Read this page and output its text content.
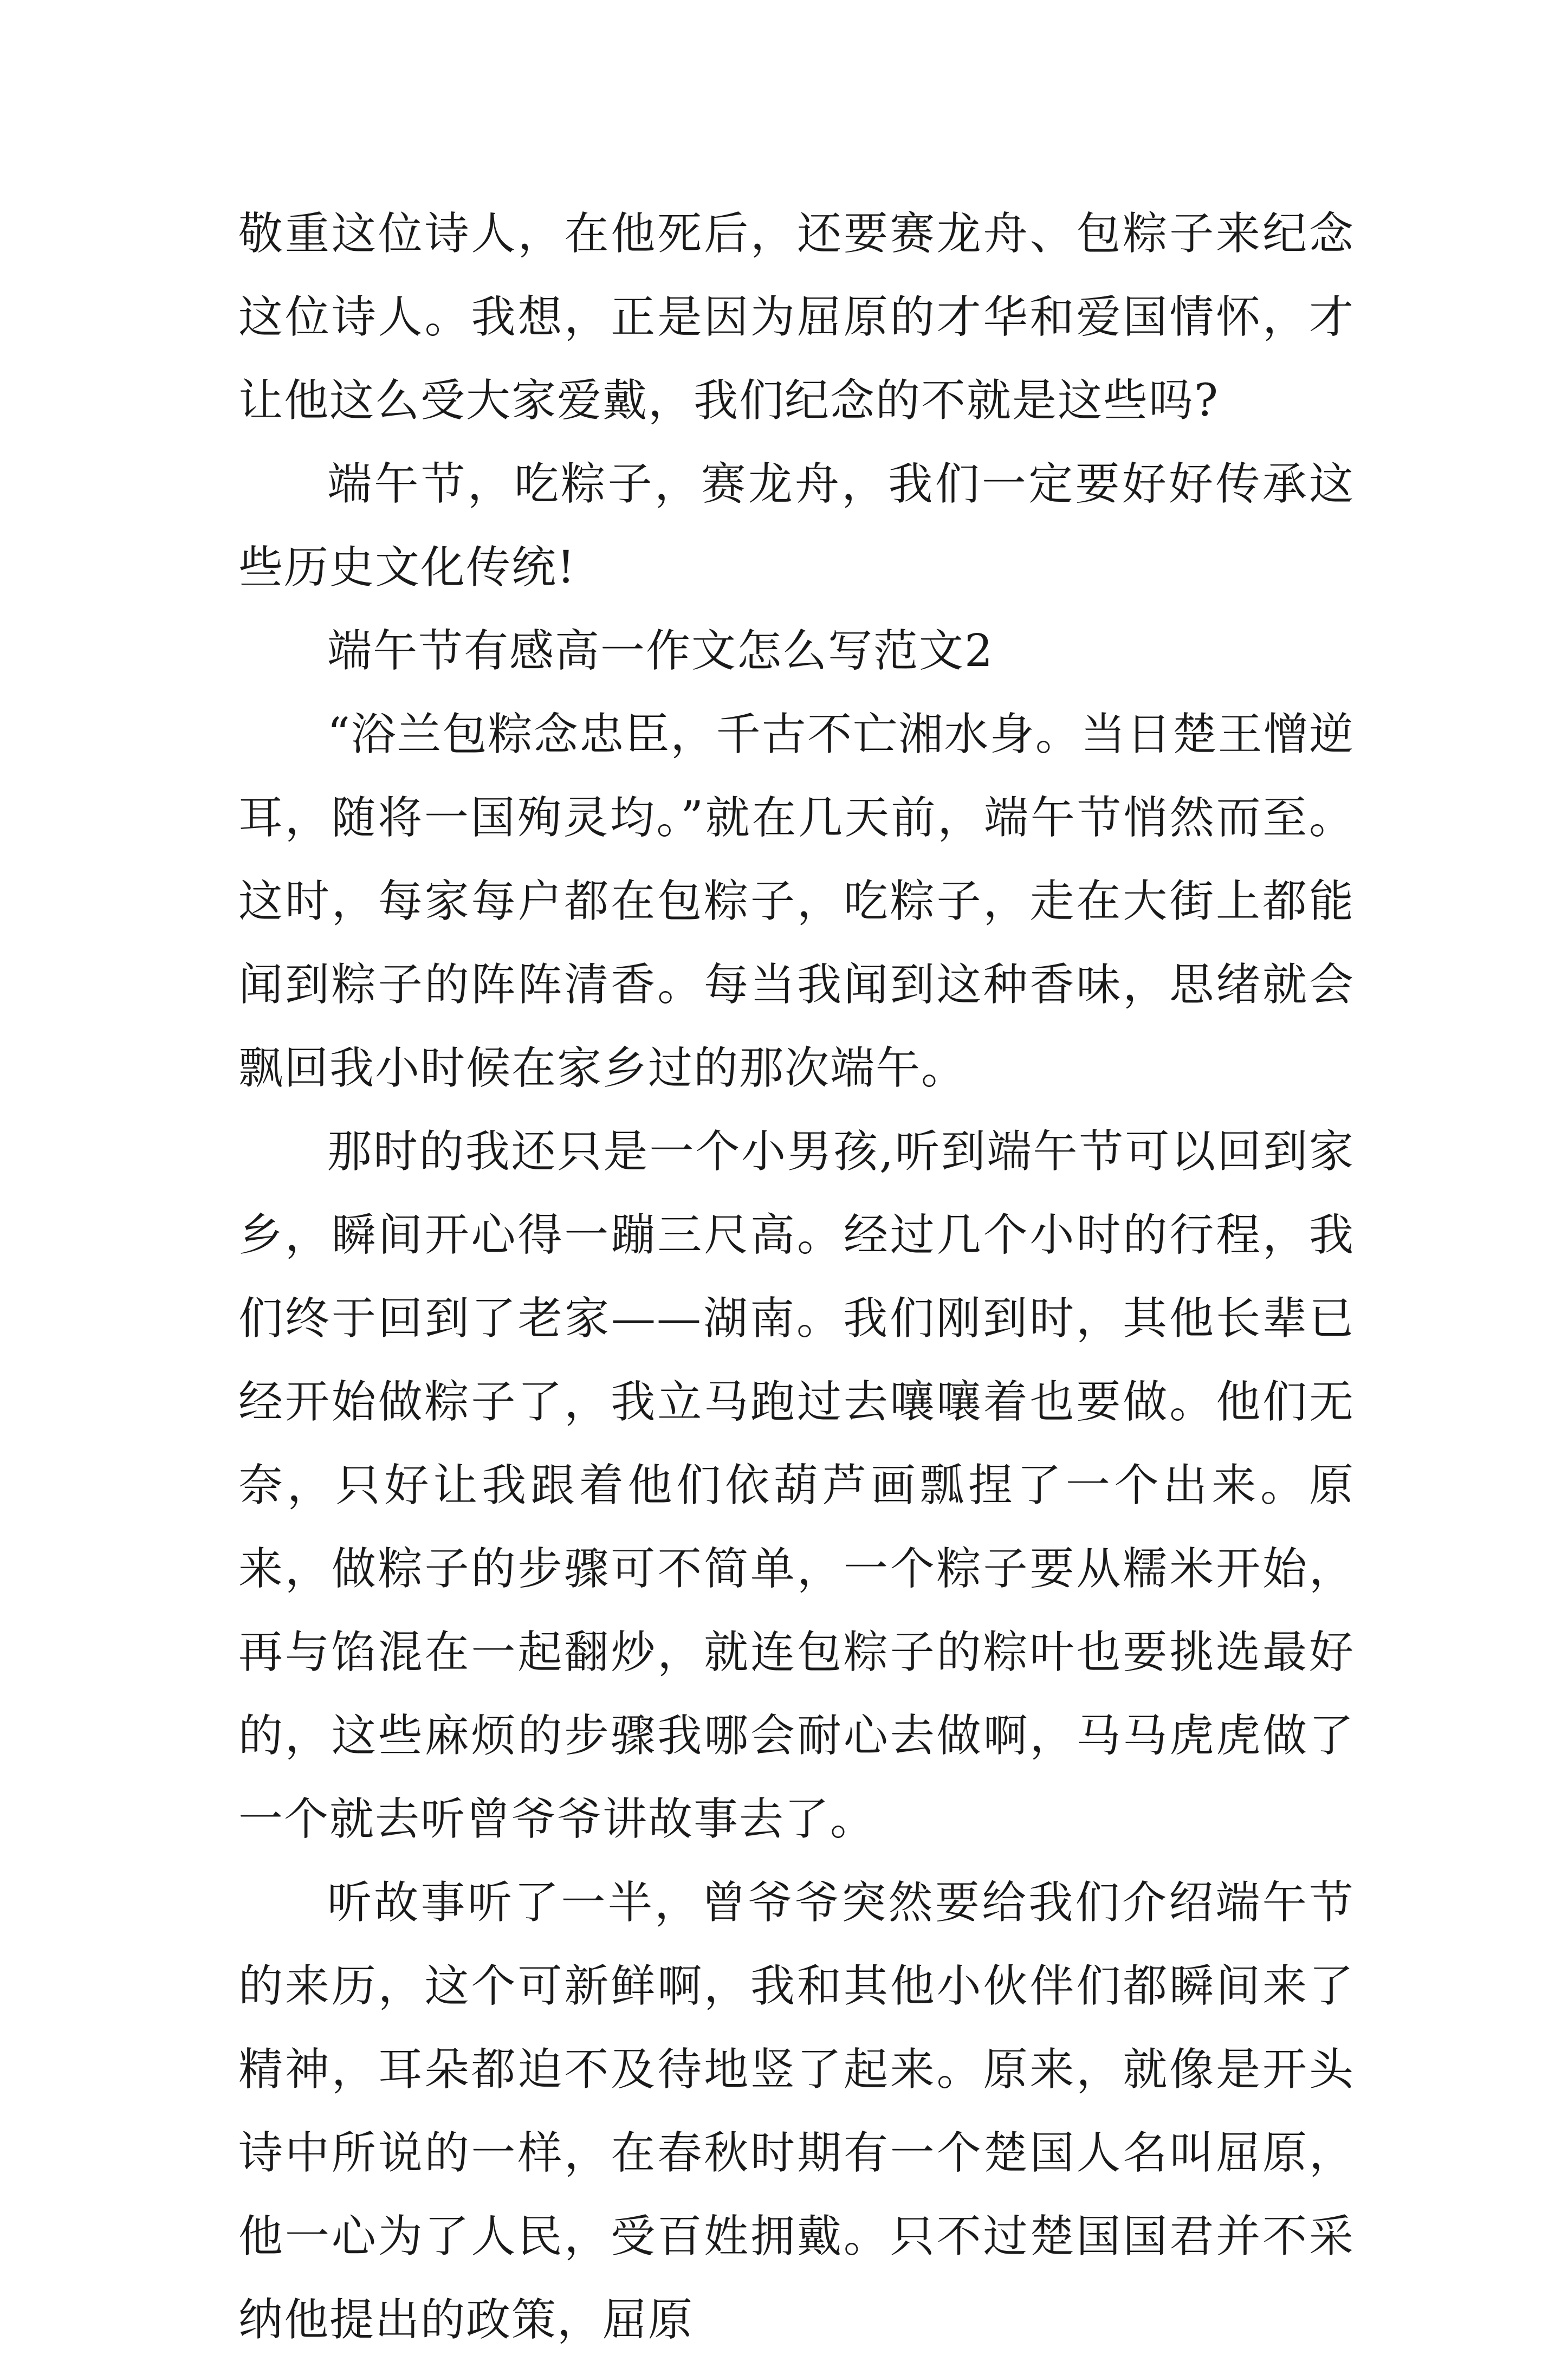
敬重这位诗人，在他死后，还要赛龙舟、包粽子来纪念这位诗人。我想，正是因为屈原的才华和爱国情怀，才让他这么受大家爱戴，我们纪念的不就是这些吗?

端午节，吃粽子，赛龙舟，我们一定要好好传承这些历史文化传统!

端午节有感高一作文怎么写范文2

“浴兰包粽念忠臣，千古不亡湘水身。当日楚王憎逆耳，随将一国殉灵均。”就在几天前，端午节悄然而至。这时，每家每户都在包粽子，吃粽子，走在大街上都能闻到粽子的阵阵清香。每当我闻到这种香味，思绪就会飘回我小时候在家乡过的那次端午。

那时的我还只是一个小男孩,听到端午节可以回到家乡，瞬间开心得一蹦三尺高。经过几个小时的行程，我们终于回到了老家——湖南。我们刚到时，其他长辈已经开始做粽子了，我立马跑过去嚷嚷着也要做。他们无奈，只好让我跟着他们依葫芦画瓢捏了一个出来。原来，做粽子的步骤可不简单，一个粽子要从糯米开始，再与馅混在一起翻炒，就连包粽子的粽叶也要挑选最好的，这些麻烦的步骤我哪会耐心去做啊，马马虎虎做了一个就去听曾爷爷讲故事去了。

听故事听了一半，曾爷爷突然要给我们介绍端午节的来历，这个可新鲜啊，我和其他小伙伴们都瞬间来了精神，耳朵都迫不及待地竖了起来。原来，就像是开头诗中所说的一样，在春秋时期有一个楚国人名叫屈原，他一心为了人民，受百姓拥戴。只不过楚国国君并不采纳他提出的政策，屈原
